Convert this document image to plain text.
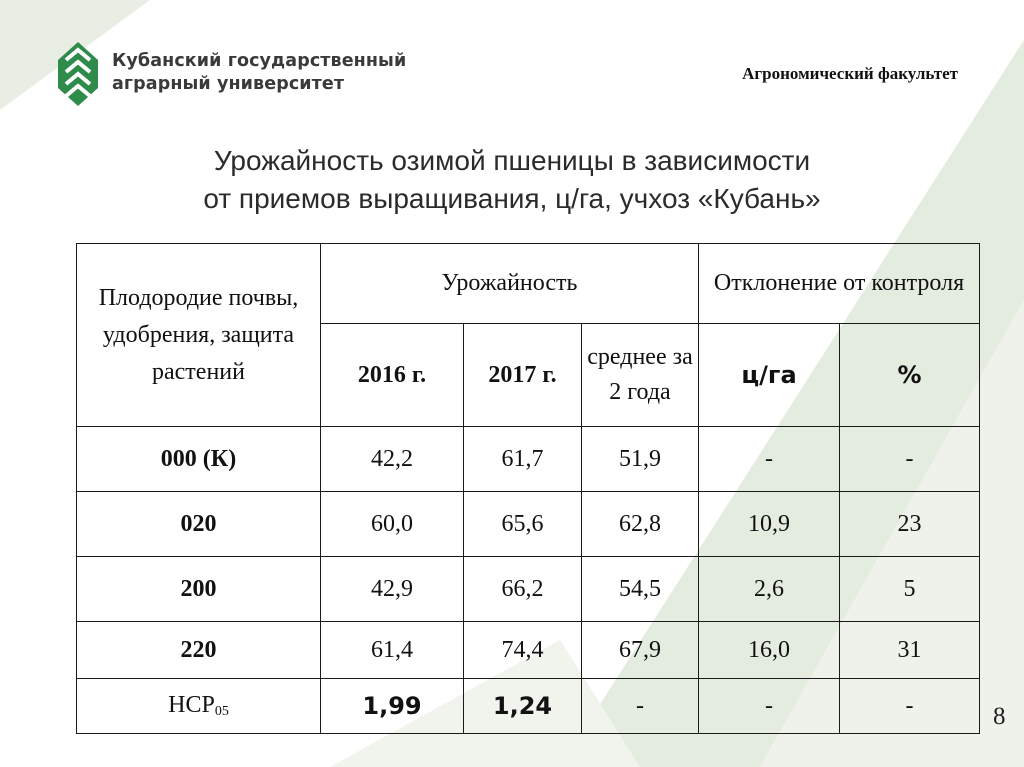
Кубанский государственный
аграрный университет
Агрономический факультет
Урожайность озимой пшеницы в зависимости
от приемов выращивания, ц/га, учхоз «Кубань»
Плодородие почвы, удобрения, защита растений	Урожайность			Отклонение от контроля	
	2016 г.	2017 г.	среднее за 2 года	ц/га	%
000 (К)	42,2	61,7	51,9	-	-
020	60,0	65,6	62,8	10,9	23
200	42,9	66,2	54,5	2,6	5
220	61,4	74,4	67,9	16,0	31
$НСР_{05}$	1,99	1,24	-	-	-	8
